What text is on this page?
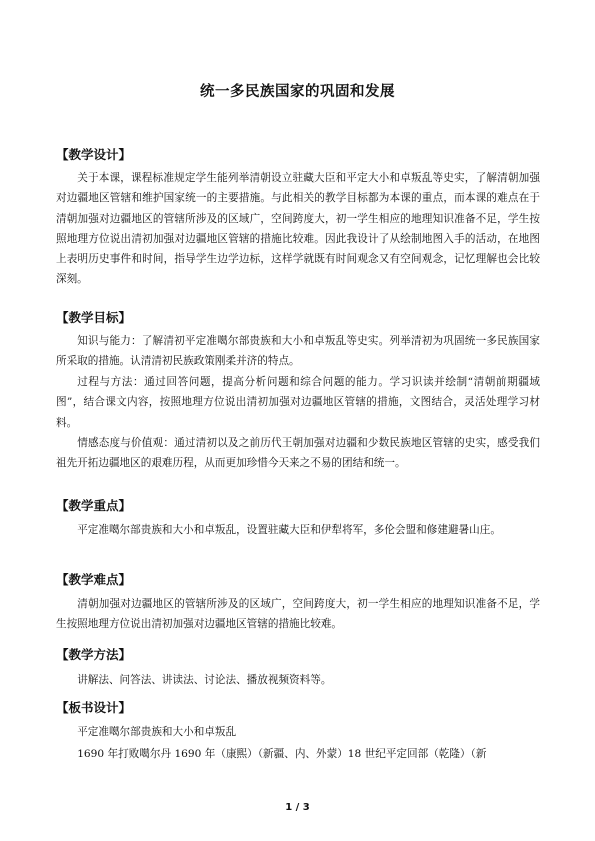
统一多民族国家的巩固和发展
【教学设计】

关于本课，课程标准规定学生能列举清朝设立驻藏大臣和平定大小和卓叛乱等史实，了解清朝加强对边疆地区管辖和维护国家统一的主要措施。与此相关的教学目标都为本课的重点，而本课的难点在于清朝加强对边疆地区的管辖所涉及的区域广，空间跨度大，初一学生相应的地理知识准备不足，学生按照地理方位说出清初加强对边疆地区管辖的措施比较难。因此我设计了从绘制地图入手的活动，在地图上表明历史事件和时间，指导学生边学边标，这样学就既有时间观念又有空间观念，记忆理解也会比较深刻。

【教学目标】

知识与能力：了解清初平定准噶尔部贵族和大小和卓叛乱等史实。列举清初为巩固统一多民族国家所采取的措施。认清清初民族政策刚柔并济的特点。

过程与方法：通过回答问题，提高分析问题和综合问题的能力。学习识读并绘制“清朝前期疆域图”，结合课文内容，按照地理方位说出清初加强对边疆地区管辖的措施，文图结合，灵活处理学习材料。

情感态度与价值观：通过清初以及之前历代王朝加强对边疆和少数民族地区管辖的史实，感受我们祖先开拓边疆地区的艰难历程，从而更加珍惜今天来之不易的团结和统一。

【教学重点】

平定准噶尔部贵族和大小和卓叛乱，设置驻藏大臣和伊犁将军，多伦会盟和修建避暑山庄。

【教学难点】

清朝加强对边疆地区的管辖所涉及的区域广，空间跨度大，初一学生相应的地理知识准备不足，学生按照地理方位说出清初加强对边疆地区管辖的措施比较难。

【教学方法】

讲解法、问答法、讲读法、讨论法、播放视频资料等。

【板书设计】
平定准噶尔部贵族和大小和卓叛乱
1690 年打败噶尔丹 1690 年（康熙）（新疆、内、外蒙）18 世纪平定回部（乾隆）（新
1 / 3
